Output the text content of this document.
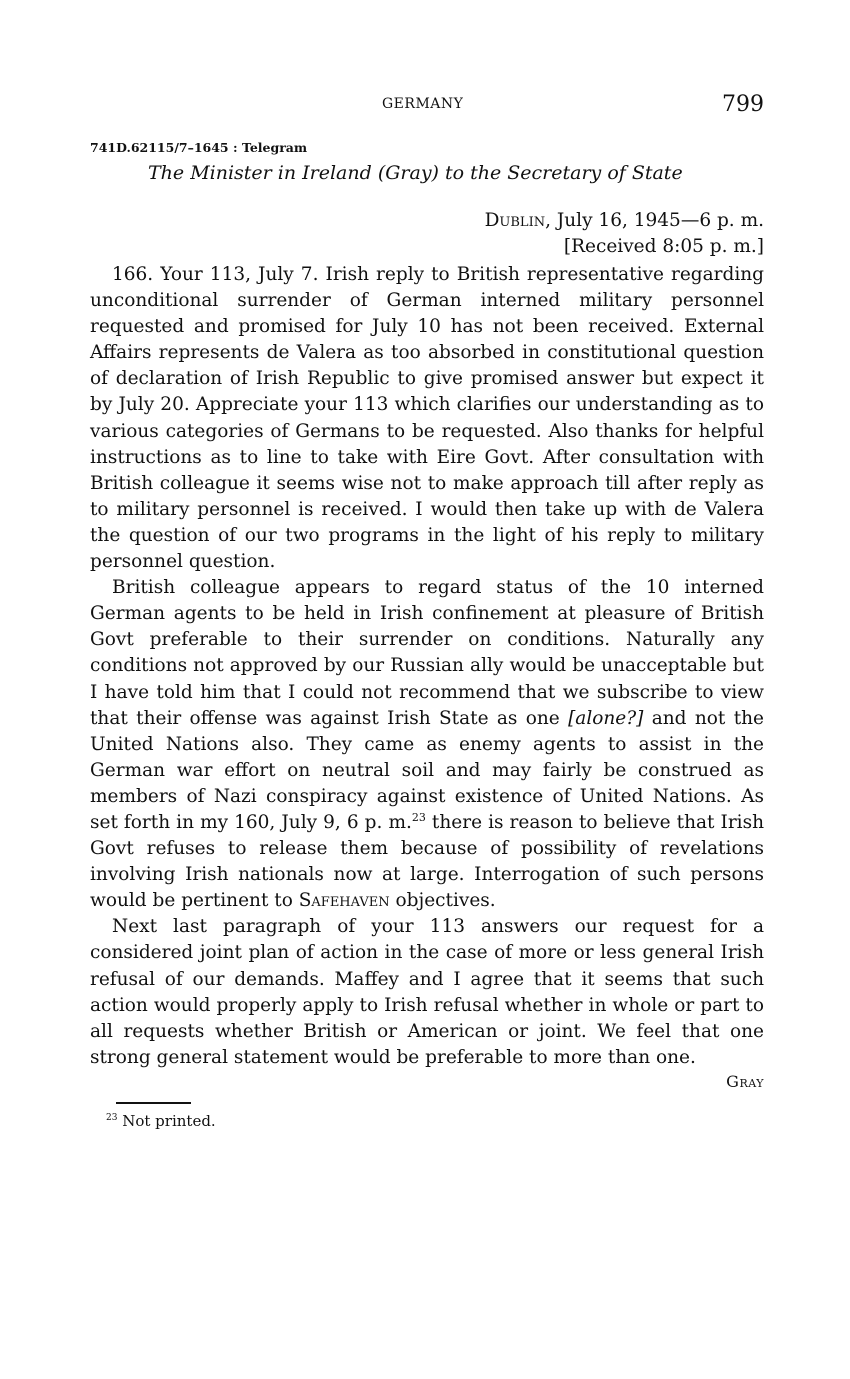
GERMANY	799
741D.62115/7–1645 : Telegram
The Minister in Ireland (Gray) to the Secretary of State
Dublin, July 16, 1945—6 p. m.
[Received 8:05 p. m.]

166. Your 113, July 7. Irish reply to British representative regarding unconditional surrender of German interned military personnel requested and promised for July 10 has not been received. External Affairs represents de Valera as too absorbed in constitutional question of declaration of Irish Republic to give promised answer but expect it by July 20. Appreciate your 113 which clarifies our understanding as to various categories of Germans to be requested. Also thanks for helpful instructions as to line to take with Eire Govt. After consultation with British colleague it seems wise not to make approach till after reply as to military personnel is received. I would then take up with de Valera the question of our two programs in the light of his reply to military personnel question.

British colleague appears to regard status of the 10 interned German agents to be held in Irish confinement at pleasure of British Govt preferable to their surrender on conditions. Naturally any conditions not approved by our Russian ally would be unacceptable but I have told him that I could not recommend that we subscribe to view that their offense was against Irish State as one [alone?] and not the United Nations also. They came as enemy agents to assist in the German war effort on neutral soil and may fairly be construed as members of Nazi conspiracy against existence of United Nations. As set forth in my 160, July 9, 6 p. m.$^{23}$ there is reason to believe that Irish Govt refuses to release them because of possibility of revelations involving Irish nationals now at large. Interrogation of such persons would be pertinent to Safehaven objectives.

Next last paragraph of your 113 answers our request for a considered joint plan of action in the case of more or less general Irish refusal of our demands. Maffey and I agree that it seems that such action would properly apply to Irish refusal whether in whole or part to all requests whether British or American or joint. We feel that one strong general statement would be preferable to more than one.

Gray
$^{23}$ Not printed.
